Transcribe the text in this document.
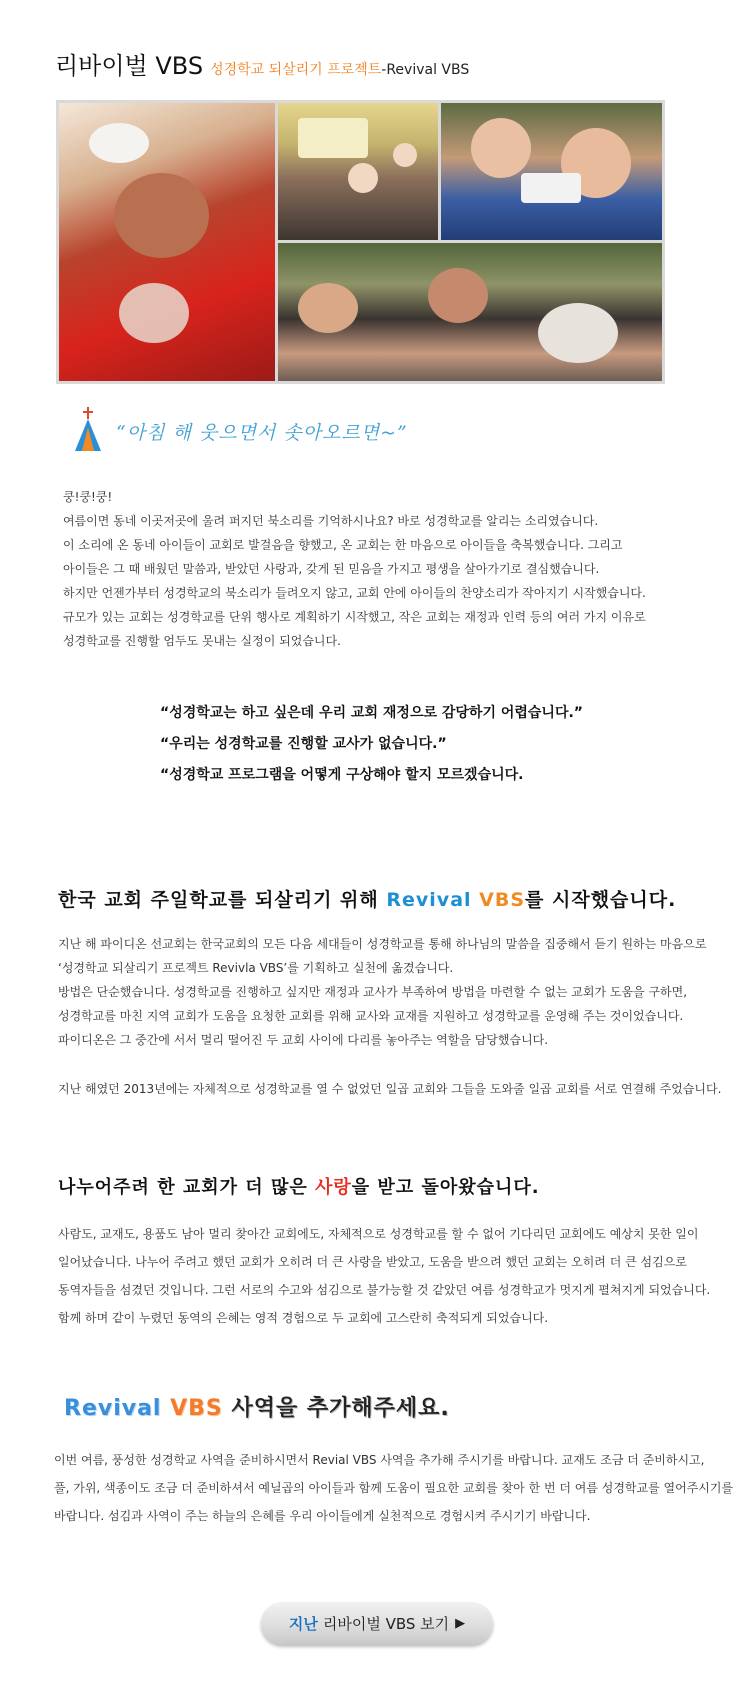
리바이벌 VBS 성경학교 되살리기 프로젝트 -Revival VBS
“아침 해 웃으면서 솟아오르면~”
쿵!쿵!쿵!
여름이면 동네 이곳저곳에 울려 퍼지던 북소리를 기억하시나요? 바로 성경학교를 알리는 소리였습니다.
이 소리에 온 동네 아이들이 교회로 발걸음을 향했고, 온 교회는 한 마음으로 아이들을 축복했습니다. 그리고
아이들은 그 때 배웠던 말씀과, 받았던 사랑과, 갖게 된 믿음을 가지고 평생을 살아가기로 결심했습니다.
하지만 언젠가부터 성경학교의 북소리가 들려오지 않고, 교회 안에 아이들의 찬양소리가 작아지기 시작했습니다.
규모가 있는 교회는 성경학교를 단위 행사로 계획하기 시작했고, 작은 교회는 재정과 인력 등의 여러 가지 이유로
성경학교를 진행할 엄두도 못내는 실정이 되었습니다.
“성경학교는 하고 싶은데 우리 교회 재정으로 감당하기 어렵습니다.”
“우리는 성경학교를 진행할 교사가 없습니다.”
“성경학교 프로그램을 어떻게 구상해야 할지 모르겠습니다.
한국 교회 주일학교를 되살리기 위해 Revival VBS를 시작했습니다.
지난 해 파이디온 선교회는 한국교회의 모든 다음 세대들이 성경학교를 통해 하나님의 말씀을 집중해서 듣기 원하는 마음으로
‘성경학교 되살리기 프로젝트 Revivla VBS’를 기획하고 실천에 옮겼습니다.
방법은 단순했습니다. 성경학교를 진행하고 싶지만 재정과 교사가 부족하여 방법을 마련할 수 없는 교회가 도움을 구하면,
성경학교를 마친 지역 교회가 도움을 요청한 교회를 위해 교사와 교재를 지원하고 성경학교를 운영해 주는 것이었습니다.
파이디온은 그 중간에 서서 멀리 떨어진 두 교회 사이에 다리를 놓아주는 역할을 담당했습니다.
지난 해였던 2013년에는 자체적으로 성경학교를 열 수 없었던 일곱 교회와 그들을 도와줄 일곱 교회를 서로 연결해 주었습니다.
나누어주려 한 교회가 더 많은 사랑을 받고 돌아왔습니다.
사람도, 교재도, 용품도 남아 멀리 찾아간 교회에도, 자체적으로 성경학교를 할 수 없어 기다리던 교회에도 예상치 못한 일이
일어났습니다. 나누어 주려고 했던 교회가 오히려 더 큰 사랑을 받았고, 도움을 받으려 했던 교회는 오히려 더 큰 섬김으로
동역자들을 섬겼던 것입니다. 그런 서로의 수고와 섬김으로 불가능할 것 같았던 여름 성경학교가 멋지게 펼쳐지게 되었습니다.
함께 하며 같이 누렸던 동역의 은혜는 영적 경험으로 두 교회에 고스란히 축적되게 되었습니다.
Revival VBS 사역을 추가해주세요.
이번 여름, 풍성한 성경학교 사역을 준비하시면서 Revial VBS 사역을 추가해 주시기를 바랍니다. 교재도 조금 더 준비하시고,
풀, 가위, 색종이도 조금 더 준비하셔서 예닐곱의 아이들과 함께 도움이 필요한 교회를 찾아 한 번 더 여름 성경학교를 열어주시기를
바랍니다. 섬김과 사역이 주는 하늘의 은혜를 우리 아이들에게 실천적으로 경험시켜 주시기기 바랍니다.
지난 리바이벌 VBS 보기 ▶
